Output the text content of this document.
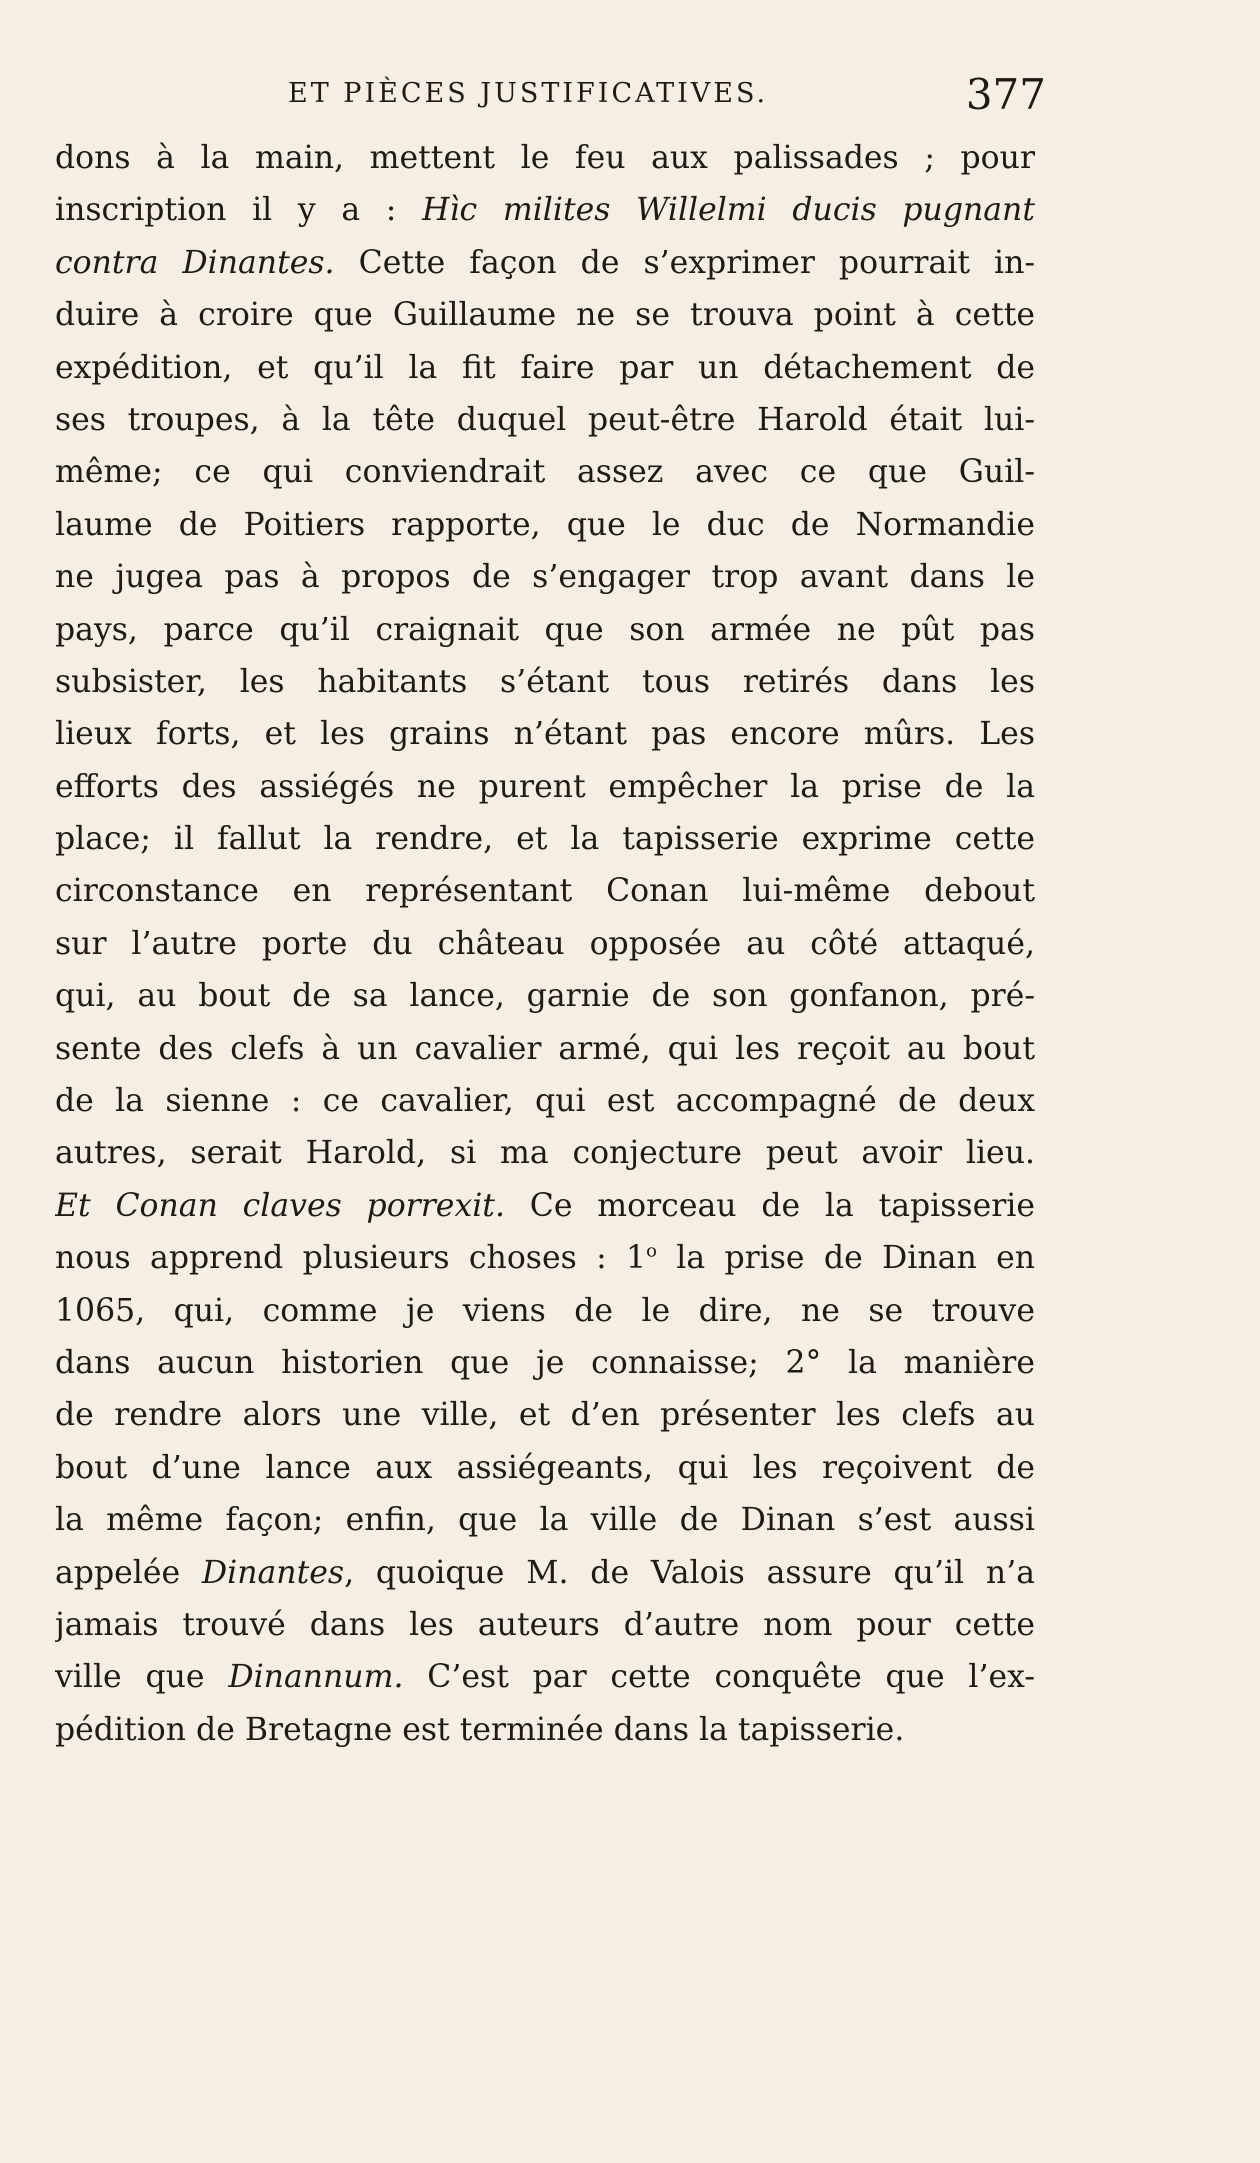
ET PIÈCES JUSTIFICATIVES.	377
dons à la main, mettent le feu aux palissades ; pour
inscription il y a : Hìc milites Willelmi ducis pugnant
contra Dinantes. Cette façon de s’exprimer pourrait in-
duire à croire que Guillaume ne se trouva point à cette
expédition, et qu’il la fit faire par un détachement de
ses troupes, à la tête duquel peut-être Harold était lui-
même; ce qui conviendrait assez avec ce que Guil-
laume de Poitiers rapporte, que le duc de Normandie
ne jugea pas à propos de s’engager trop avant dans le
pays, parce qu’il craignait que son armée ne pût pas
subsister, les habitants s’étant tous retirés dans les
lieux forts, et les grains n’étant pas encore mûrs. Les
efforts des assiégés ne purent empêcher la prise de la
place; il fallut la rendre, et la tapisserie exprime cette
circonstance en représentant Conan lui-même debout
sur l’autre porte du château opposée au côté attaqué,
qui, au bout de sa lance, garnie de son gonfanon, pré-
sente des clefs à un cavalier armé, qui les reçoit au bout
de la sienne : ce cavalier, qui est accompagné de deux
autres, serait Harold, si ma conjecture peut avoir lieu.
Et Conan claves porrexit. Ce morceau de la tapisserie
nous apprend plusieurs choses : 1$^o$ la prise de Dinan en
1065, qui, comme je viens de le dire, ne se trouve
dans aucun historien que je connaisse; 2° la manière
de rendre alors une ville, et d’en présenter les clefs au
bout d’une lance aux assiégeants, qui les reçoivent de
la même façon; enfin, que la ville de Dinan s’est aussi
appelée Dinantes, quoique M. de Valois assure qu’il n’a
jamais trouvé dans les auteurs d’autre nom pour cette
ville que Dinannum. C’est par cette conquête que l’ex-
pédition de Bretagne est terminée dans la tapisserie.
